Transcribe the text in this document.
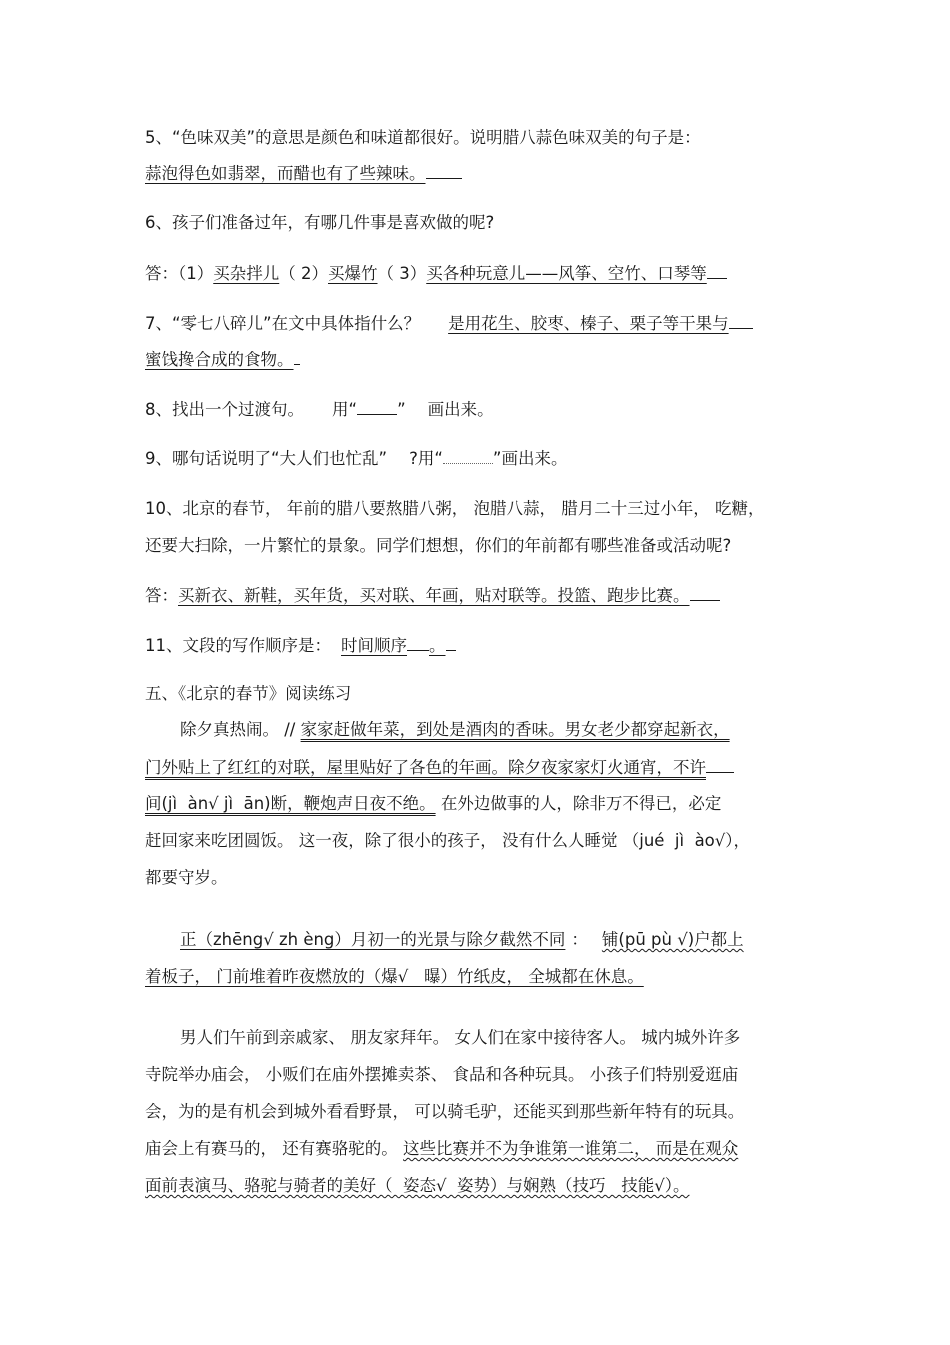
5、“色味双美”的意思是颜色和味道都很好。说明腊八蒜色味双美的句子是：
蒜泡得色如翡翠，而醋也有了些辣味。
6、孩子们准备过年，有哪几件事是喜欢做的呢?
答：（1）买杂拌儿（ 2）买爆竹（ 3）买各种玩意儿——风筝、空竹、口琴等
7、“零七八碎儿”在文中具体指什么？ 是用花生、胶枣、榛子、栗子等干果与
蜜饯搀合成的食物。
8、找出一个过渡句。 用“ ” 画出来。
9、哪句话说明了“大人们也忙乱” ?用“	”画出来。
10、北京的春节， 年前的腊八要熬腊八粥， 泡腊八蒜， 腊月二十三过小年， 吃糖，
还要大扫除，一片繁忙的景象。同学们想想，你们的年前都有哪些准备或活动呢?
答：买新衣、新鞋，买年货，买对联、年画，贴对联等。投篮、跑步比赛。
11、文段的写作顺序是： 时间顺序 。
五、《北京的春节》阅读练习
除夕真热闹。 // 家家赶做年菜，到处是酒肉的香味。男女老少都穿起新衣，
门外贴上了红红的对联，屋里贴好了各色的年画。除夕夜家家灯火通宵，不许
间(jì  àn√ jì  ān)断，鞭炮声日夜不绝。 在外边做事的人，除非万不得已，必定
赶回家来吃团圆饭。 这一夜，除了很小的孩子， 没有什么人睡觉 （jué  jì  ào√），
都要守岁。
正（zhēng√ zh èng）月初一的光景与除夕截然不同 ： 铺(pū pù √)户都上
着板子， 门前堆着昨夜燃放的（爆√   曝）竹纸皮， 全城都在休息。
男人们午前到亲戚家、 朋友家拜年。 女人们在家中接待客人。 城内城外许多
寺院举办庙会， 小贩们在庙外摆摊卖茶、 食品和各种玩具。 小孩子们特别爱逛庙
会，为的是有机会到城外看看野景， 可以骑毛驴，还能买到那些新年特有的玩具。
庙会上有赛马的， 还有赛骆驼的。 这些比赛并不为争谁第一谁第二， 而是在观众
面前表演马、骆驼与骑者的美好（  姿态√  姿势）与娴熟（技巧   技能√）。
